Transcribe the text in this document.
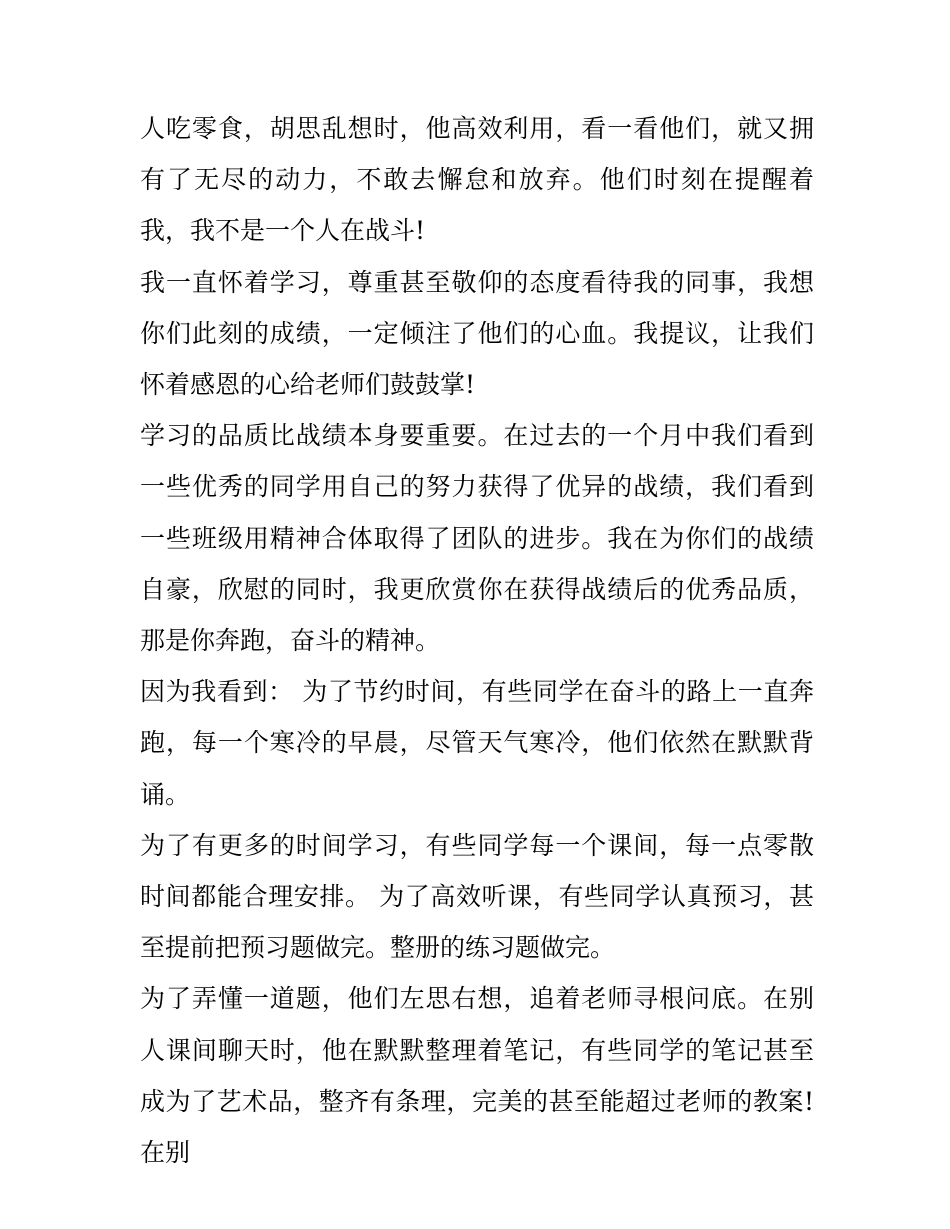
人吃零食，胡思乱想时，他高效利用，看一看他们，就又拥有了无尽的动力，不敢去懈怠和放弃。他们时刻在提醒着我，我不是一个人在战斗!

我一直怀着学习，尊重甚至敬仰的态度看待我的同事，我想你们此刻的成绩，一定倾注了他们的心血。我提议，让我们怀着感恩的心给老师们鼓鼓掌!

学习的品质比战绩本身要重要。在过去的一个月中我们看到一些优秀的同学用自己的努力获得了优异的战绩，我们看到一些班级用精神合体取得了团队的进步。我在为你们的战绩自豪，欣慰的同时，我更欣赏你在获得战绩后的优秀品质，那是你奔跑，奋斗的精神。

因为我看到： 为了节约时间，有些同学在奋斗的路上一直奔跑，每一个寒冷的早晨，尽管天气寒冷，他们依然在默默背诵。

为了有更多的时间学习，有些同学每一个课间，每一点零散时间都能合理安排。 为了高效听课，有些同学认真预习，甚至提前把预习题做完。整册的练习题做完。

为了弄懂一道题，他们左思右想，追着老师寻根问底。在别人课间聊天时，他在默默整理着笔记，有些同学的笔记甚至成为了艺术品，整齐有条理，完美的甚至能超过老师的教案!在别
